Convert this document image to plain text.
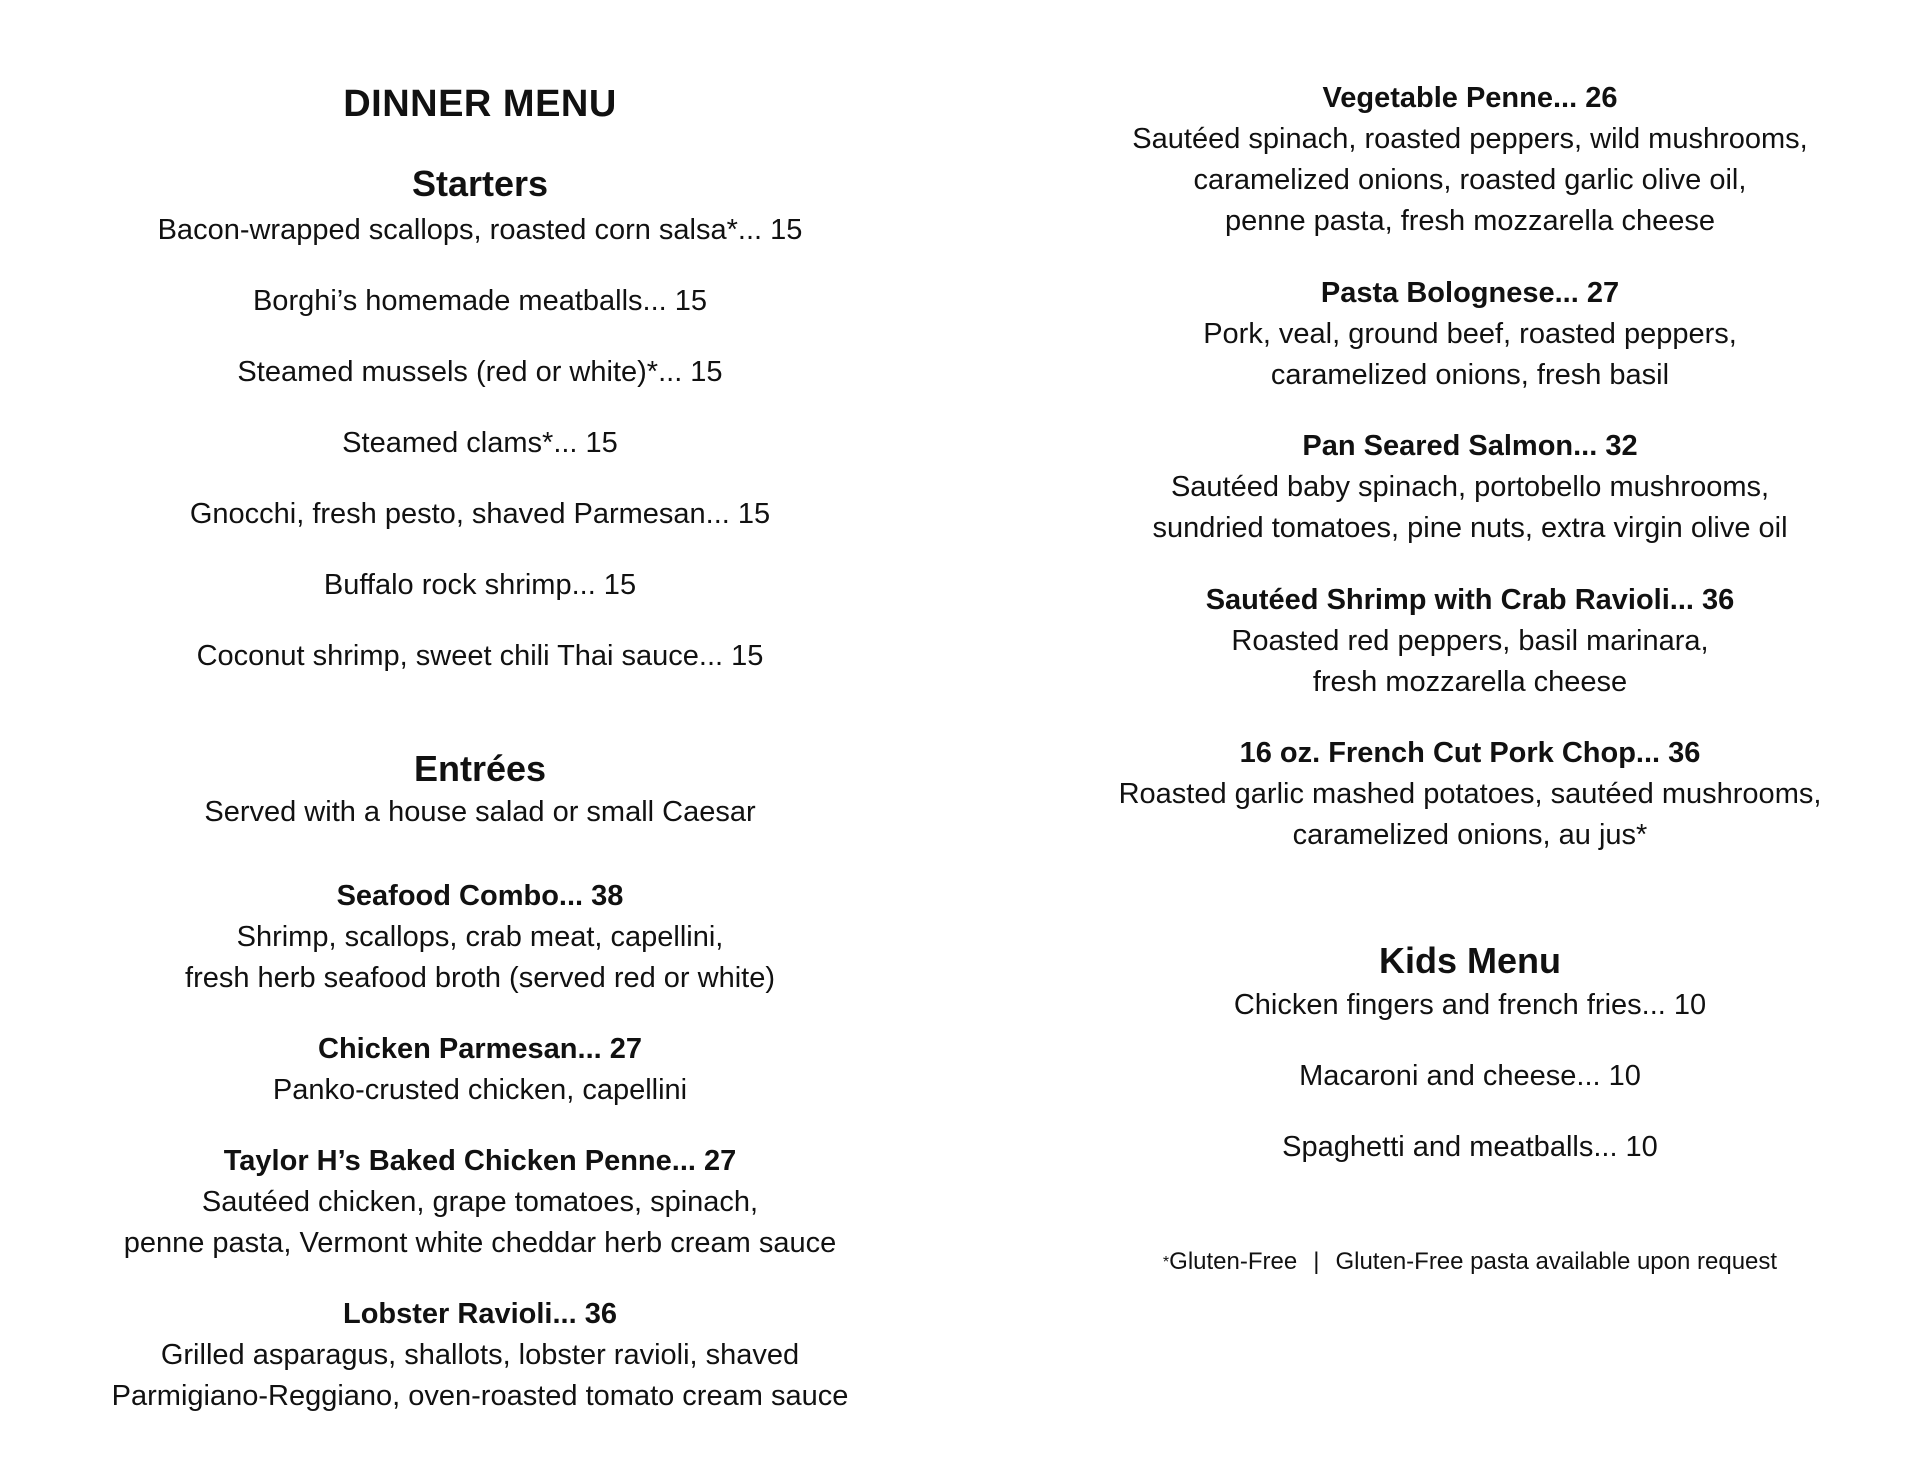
DINNER MENU
Starters
Bacon-wrapped scallops, roasted corn salsa*... 15
Borghi’s homemade meatballs... 15
Steamed mussels (red or white)*... 15
Steamed clams*... 15
Gnocchi, fresh pesto, shaved Parmesan... 15
Buffalo rock shrimp... 15
Coconut shrimp, sweet chili Thai sauce... 15
Entrées
Served with a house salad or small Caesar
Seafood Combo... 38
Shrimp, scallops, crab meat, capellini,
fresh herb seafood broth (served red or white)
Chicken Parmesan... 27
Panko-crusted chicken, capellini
Taylor H’s Baked Chicken Penne... 27
Sautéed chicken, grape tomatoes, spinach,
penne pasta, Vermont white cheddar herb cream sauce
Lobster Ravioli... 36
Grilled asparagus, shallots, lobster ravioli, shaved
Parmigiano-Reggiano, oven-roasted tomato cream sauce
Vegetable Penne... 26
Sautéed spinach, roasted peppers, wild mushrooms,
caramelized onions, roasted garlic olive oil,
penne pasta, fresh mozzarella cheese
Pasta Bolognese... 27
Pork, veal, ground beef, roasted peppers,
caramelized onions, fresh basil
Pan Seared Salmon... 32
Sautéed baby spinach, portobello mushrooms,
sundried tomatoes, pine nuts, extra virgin olive oil
Sautéed Shrimp with Crab Ravioli... 36
Roasted red peppers, basil marinara,
fresh mozzarella cheese
16 oz. French Cut Pork Chop... 36
Roasted garlic mashed potatoes, sautéed mushrooms,
caramelized onions, au jus*
Kids Menu
Chicken fingers and french fries... 10
Macaroni and cheese... 10
Spaghetti and meatballs... 10
*Gluten-Free | Gluten-Free pasta available upon request
